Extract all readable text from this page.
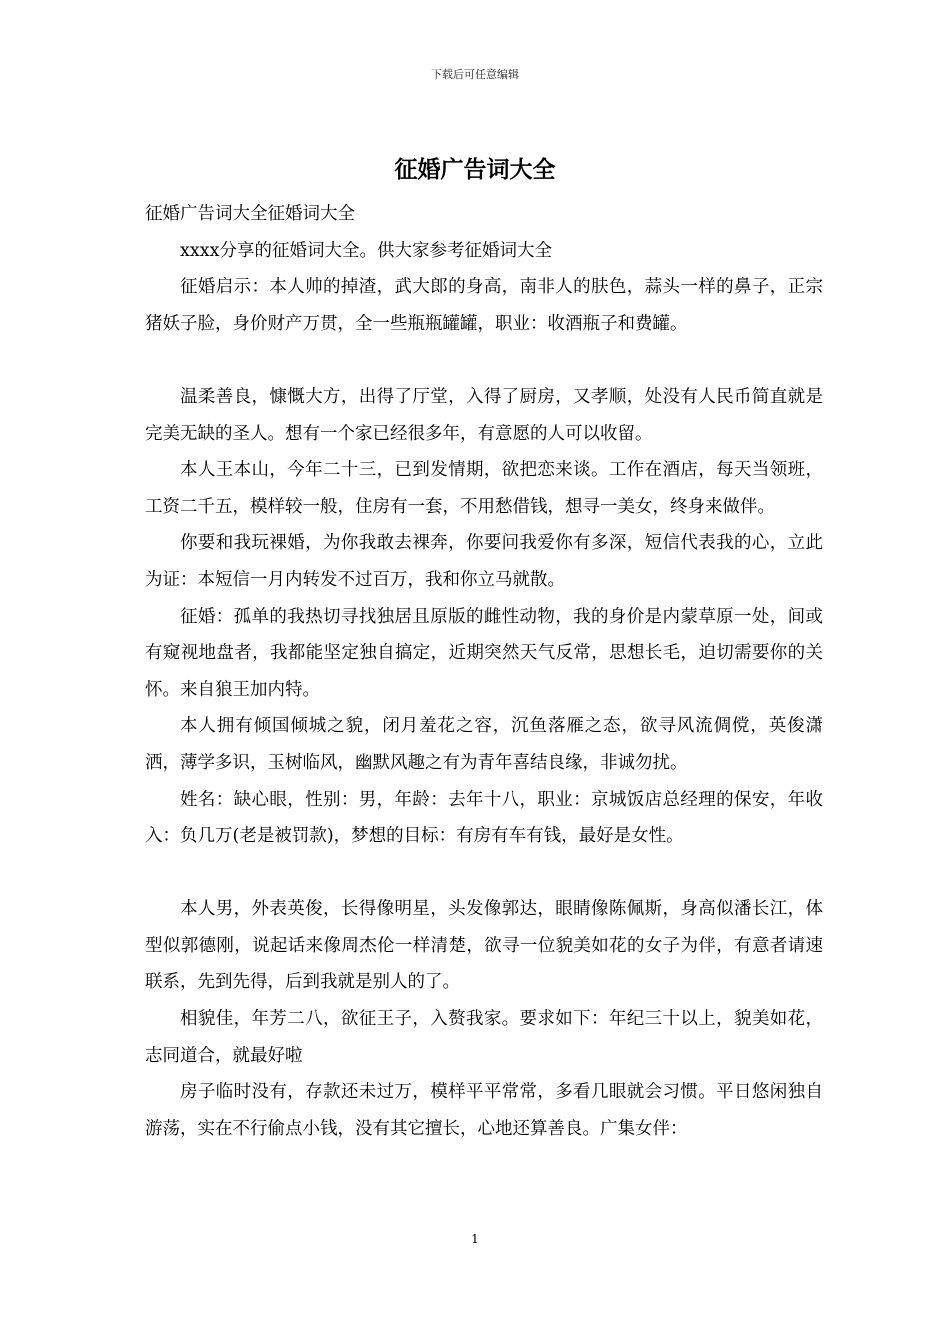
下载后可任意编辑
征婚广告词大全

征婚广告词大全征婚词大全

xxxx分享的征婚词大全。供大家参考征婚词大全

征婚启示：本人帅的掉渣，武大郎的身高，南非人的肤色，蒜头一样的鼻子，正宗猪妖子脸，身价财产万贯，全一些瓶瓶罐罐，职业：收酒瓶子和费罐。

温柔善良，慷慨大方，出得了厅堂，入得了厨房，又孝顺，处没有人民币简直就是完美无缺的圣人。想有一个家已经很多年，有意愿的人可以收留。

本人王本山，今年二十三，已到发情期，欲把恋来谈。工作在酒店，每天当领班，工资二千五，模样较一般，住房有一套，不用愁借钱，想寻一美女，终身来做伴。

你要和我玩裸婚，为你我敢去裸奔，你要问我爱你有多深，短信代表我的心，立此为证：本短信一月内转发不过百万，我和你立马就散。

征婚：孤单的我热切寻找独居且原版的雌性动物，我的身价是内蒙草原一处，间或有窥视地盘者，我都能坚定独自搞定，近期突然天气反常，思想长毛，迫切需要你的关怀。来自狼王加内特。

本人拥有倾国倾城之貌，闭月羞花之容，沉鱼落雁之态，欲寻风流倜傥，英俊潇洒，薄学多识，玉树临风，幽默风趣之有为青年喜结良缘，非诚勿扰。

姓名：缺心眼，性别：男，年龄：去年十八，职业：京城饭店总经理的保安，年收入：负几万(老是被罚款)，梦想的目标：有房有车有钱，最好是女性。

本人男，外表英俊，长得像明星，头发像郭达，眼睛像陈佩斯，身高似潘长江，体型似郭德刚，说起话来像周杰伦一样清楚，欲寻一位貌美如花的女子为伴，有意者请速联系，先到先得，后到我就是别人的了。

相貌佳，年芳二八，欲征王子，入赘我家。要求如下：年纪三十以上，貌美如花，志同道合，就最好啦

房子临时没有，存款还未过万，模样平平常常，多看几眼就会习惯。平日悠闲独自游荡，实在不行偷点小钱，没有其它擅长，心地还算善良。广集女伴：

1
